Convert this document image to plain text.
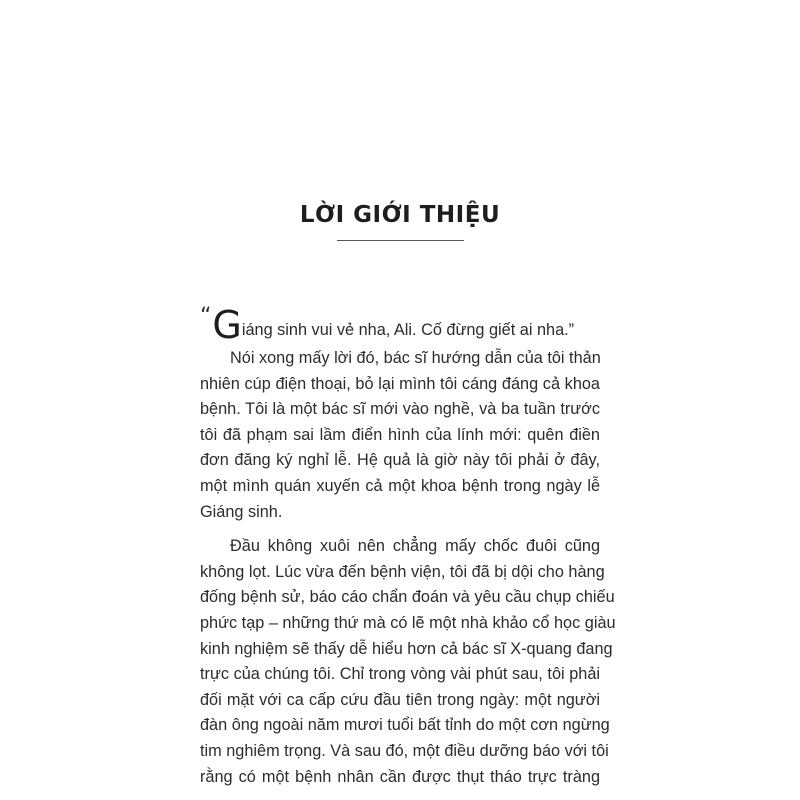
LỜI GIỚI THIỆU
“Giáng sinh vui vẻ nha, Ali. Cố đừng giết ai nha.”
Nói xong mấy lời đó, bác sĩ hướng dẫn của tôi thản
nhiên cúp điện thoại, bỏ lại mình tôi cáng đáng cả khoa
bệnh. Tôi là một bác sĩ mới vào nghề, và ba tuần trước
tôi đã phạm sai lầm điển hình của lính mới: quên điền
đơn đăng ký nghỉ lễ. Hệ quả là giờ này tôi phải ở đây,
một mình quán xuyến cả một khoa bệnh trong ngày lễ
Giáng sinh.
Đầu không xuôi nên chẳng mấy chốc đuôi cũng
không lọt. Lúc vừa đến bệnh viện, tôi đã bị dội cho hàng
đống bệnh sử, báo cáo chẩn đoán và yêu cầu chụp chiếu
phức tạp – những thứ mà có lẽ một nhà khảo cổ học giàu
kinh nghiệm sẽ thấy dễ hiểu hơn cả bác sĩ X-quang đang
trực của chúng tôi. Chỉ trong vòng vài phút sau, tôi phải
đối mặt với ca cấp cứu đầu tiên trong ngày: một người
đàn ông ngoài năm mươi tuổi bất tỉnh do một cơn ngừng
tim nghiêm trọng. Và sau đó, một điều dưỡng báo với tôi
rằng có một bệnh nhân cần được thụt tháo trực tràng
